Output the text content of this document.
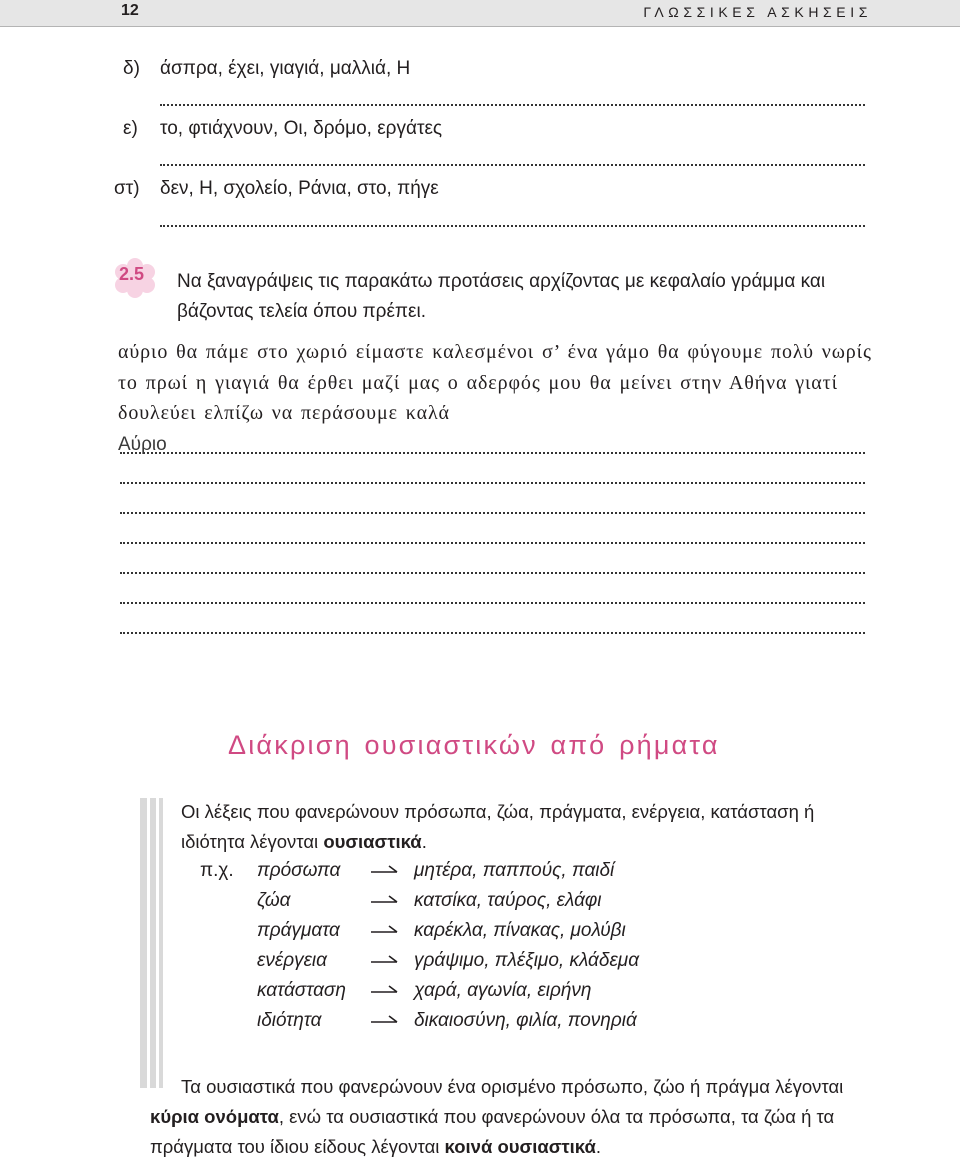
12	ΓΛΩΣΣΙΚΕΣ ΑΣΚΗΣΕΙΣ
δ) άσπρα, έχει, γιαγιά, μαλλιά, Η
ε) το, φτιάχνουν, Οι, δρόμο, εργάτες
στ) δεν, Η, σχολείο, Ράνια, στο, πήγε
2.5 Να ξαναγράψεις τις παρακάτω προτάσεις αρχίζοντας με κεφαλαίο γράμμα και βάζοντας τελεία όπου πρέπει.
αύριο θα πάμε στο χωριό είμαστε καλεσμένοι σ’ ένα γάμο θα φύγουμε πολύ νωρίς το πρωί η γιαγιά θα έρθει μαζί μας ο αδερφός μου θα μείνει στην Αθήνα γιατί δουλεύει ελπίζω να περάσουμε καλά
Αύριο
Διάκριση ουσιαστικών από ρήματα
Οι λέξεις που φανερώνουν πρόσωπα, ζώα, πράγματα, ενέργεια, κατάσταση ή ιδιότητα λέγονται ουσιαστικά.
π.χ. πρόσωπα	μητέρα, παππούς, παιδί
ζώα	κατσίκα, ταύρος, ελάφι
πράγματα	καρέκλα, πίνακας, μολύβι
ενέργεια	γράψιμο, πλέξιμο, κλάδεμα
κατάσταση	χαρά, αγωνία, ειρήνη
ιδιότητα	δικαιοσύνη, φιλία, πονηριά
Τα ουσιαστικά που φανερώνουν ένα ορισμένο πρόσωπο, ζώο ή πράγμα λέγονται κύρια ονόματα, ενώ τα ουσιαστικά που φανερώνουν όλα τα πρόσωπα, τα ζώα ή τα πράγματα του ίδιου είδους λέγονται κοινά ουσιαστικά.
